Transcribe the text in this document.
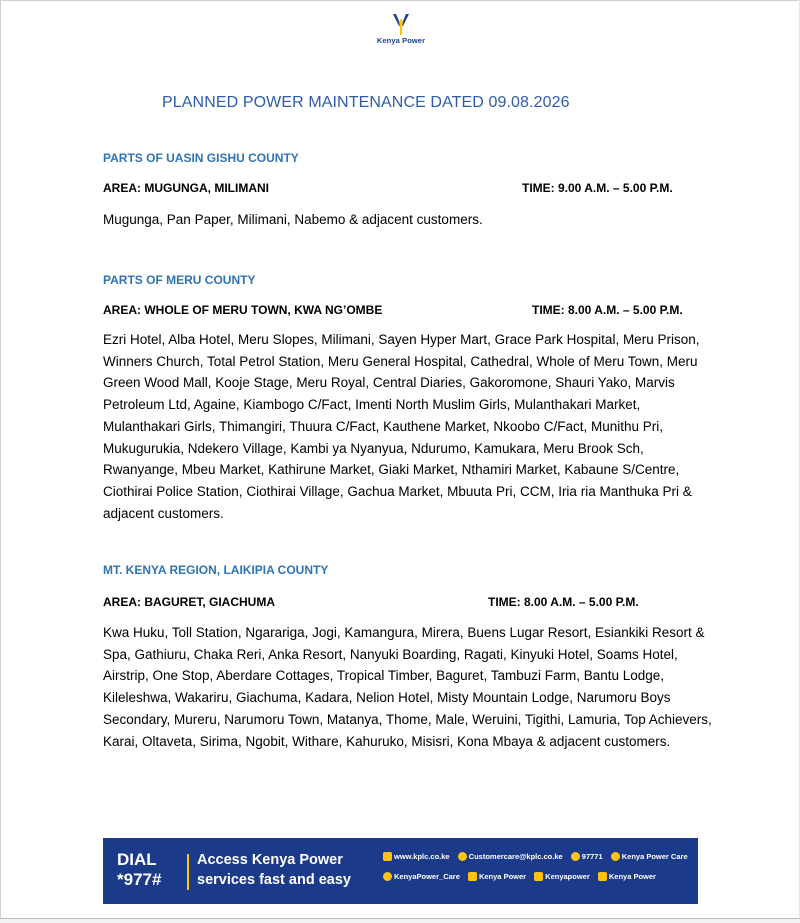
Kenya Power
PLANNED POWER MAINTENANCE DATED 09.08.2026
PARTS OF UASIN GISHU COUNTY
AREA: MUGUNGA, MILIMANI	TIME: 9.00 A.M. – 5.00 P.M.
Mugunga, Pan Paper, Milimani, Nabemo & adjacent customers.
PARTS OF MERU COUNTY
AREA: WHOLE OF MERU TOWN, KWA NG’OMBE	TIME: 8.00 A.M. – 5.00 P.M.
Ezri Hotel, Alba Hotel, Meru Slopes, Milimani, Sayen Hyper Mart, Grace Park Hospital, Meru Prison, Winners Church, Total Petrol Station, Meru General Hospital, Cathedral, Whole of Meru Town, Meru Green Wood Mall, Kooje Stage, Meru Royal, Central Diaries, Gakoromone, Shauri Yako, Marvis Petroleum Ltd, Againe, Kiambogo C/Fact, Imenti North Muslim Girls, Mulanthakari Market, Mulanthakari Girls, Thimangiri, Thuura C/Fact, Kauthene Market, Nkoobo C/Fact, Munithu Pri, Mukugurukia, Ndekero Village, Kambi ya Nyanyua, Ndurumo, Kamukara, Meru Brook Sch, Rwanyange, Mbeu Market, Kathirune Market, Giaki Market, Nthamiri Market, Kabaune S/Centre, Ciothirai Police Station, Ciothirai Village, Gachua Market, Mbuuta Pri, CCM, Iria ria Manthuka Pri & adjacent customers.
MT. KENYA REGION, LAIKIPIA COUNTY
AREA: BAGURET, GIACHUMA	TIME: 8.00 A.M. – 5.00 P.M.
Kwa Huku, Toll Station, Ngarariga, Jogi, Kamangura, Mirera, Buens Lugar Resort, Esiankiki Resort & Spa, Gathiuru, Chaka Reri, Anka Resort, Nanyuki Boarding, Ragati, Kinyuki Hotel, Soams Hotel, Airstrip, One Stop, Aberdare Cottages, Tropical Timber, Baguret, Tambuzi Farm, Bantu Lodge, Kileleshwa, Wakariru, Giachuma, Kadara, Nelion Hotel, Misty Mountain Lodge, Narumoru Boys Secondary, Mureru, Narumoru Town, Matanya, Thome, Male, Weruini, Tigithi, Lamuria, Top Achievers, Karai, Oltaveta, Sirima, Ngobit, Withare, Kahuruko, Misisri, Kona Mbaya & adjacent customers.
DIAL
*977#
Access Kenya Power
services fast and easy
www.kplc.co.ke	Customercare@kplc.co.ke	97771	Kenya Power Care
KenyaPower_Care	Kenya Power	Kenyapower	Kenya Power
